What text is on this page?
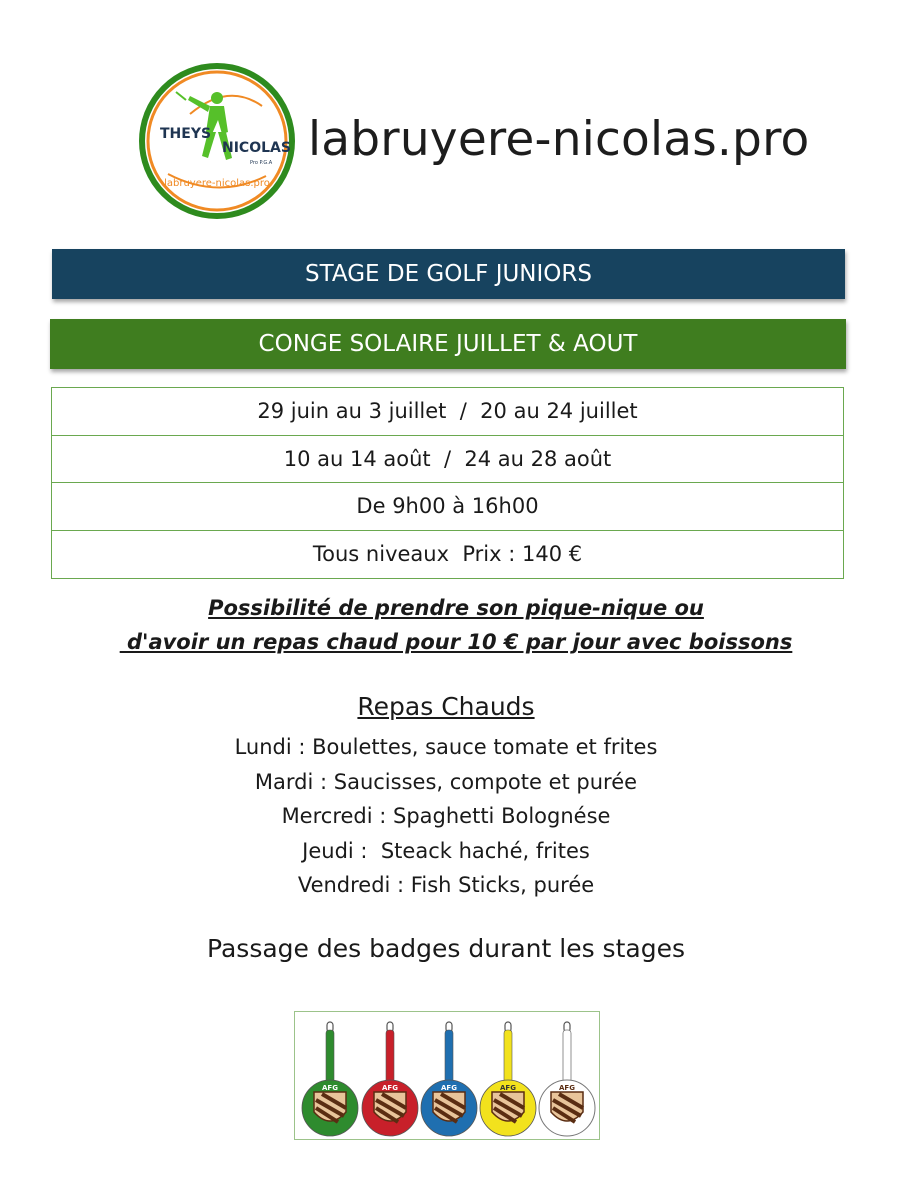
THEYS
NICOLAS
Pro P.G.A
labruyere-nicolas.pro
labruyere-nicolas.pro
STAGE DE GOLF JUNIORS
CONGE SOLAIRE JUILLET & AOUT
29 juin au 3 juillet  /  20 au 24 juillet
10 au 14 août  /  24 au 28 août
De 9h00 à 16h00
Tous niveaux  Prix : 140 €
Possibilité de prendre son pique-nique ou
d'avoir un repas chaud pour 10 € par jour avec boissons
Repas Chauds
Lundi : Boulettes, sauce tomate et frites
Mardi : Saucisses, compote et purée
Mercredi : Spaghetti Bolognése
Jeudi :  Steack haché, frites
Vendredi : Fish Sticks, purée
Passage des badges durant les stages
AFG	AFG	AFG	AFG	AFG
